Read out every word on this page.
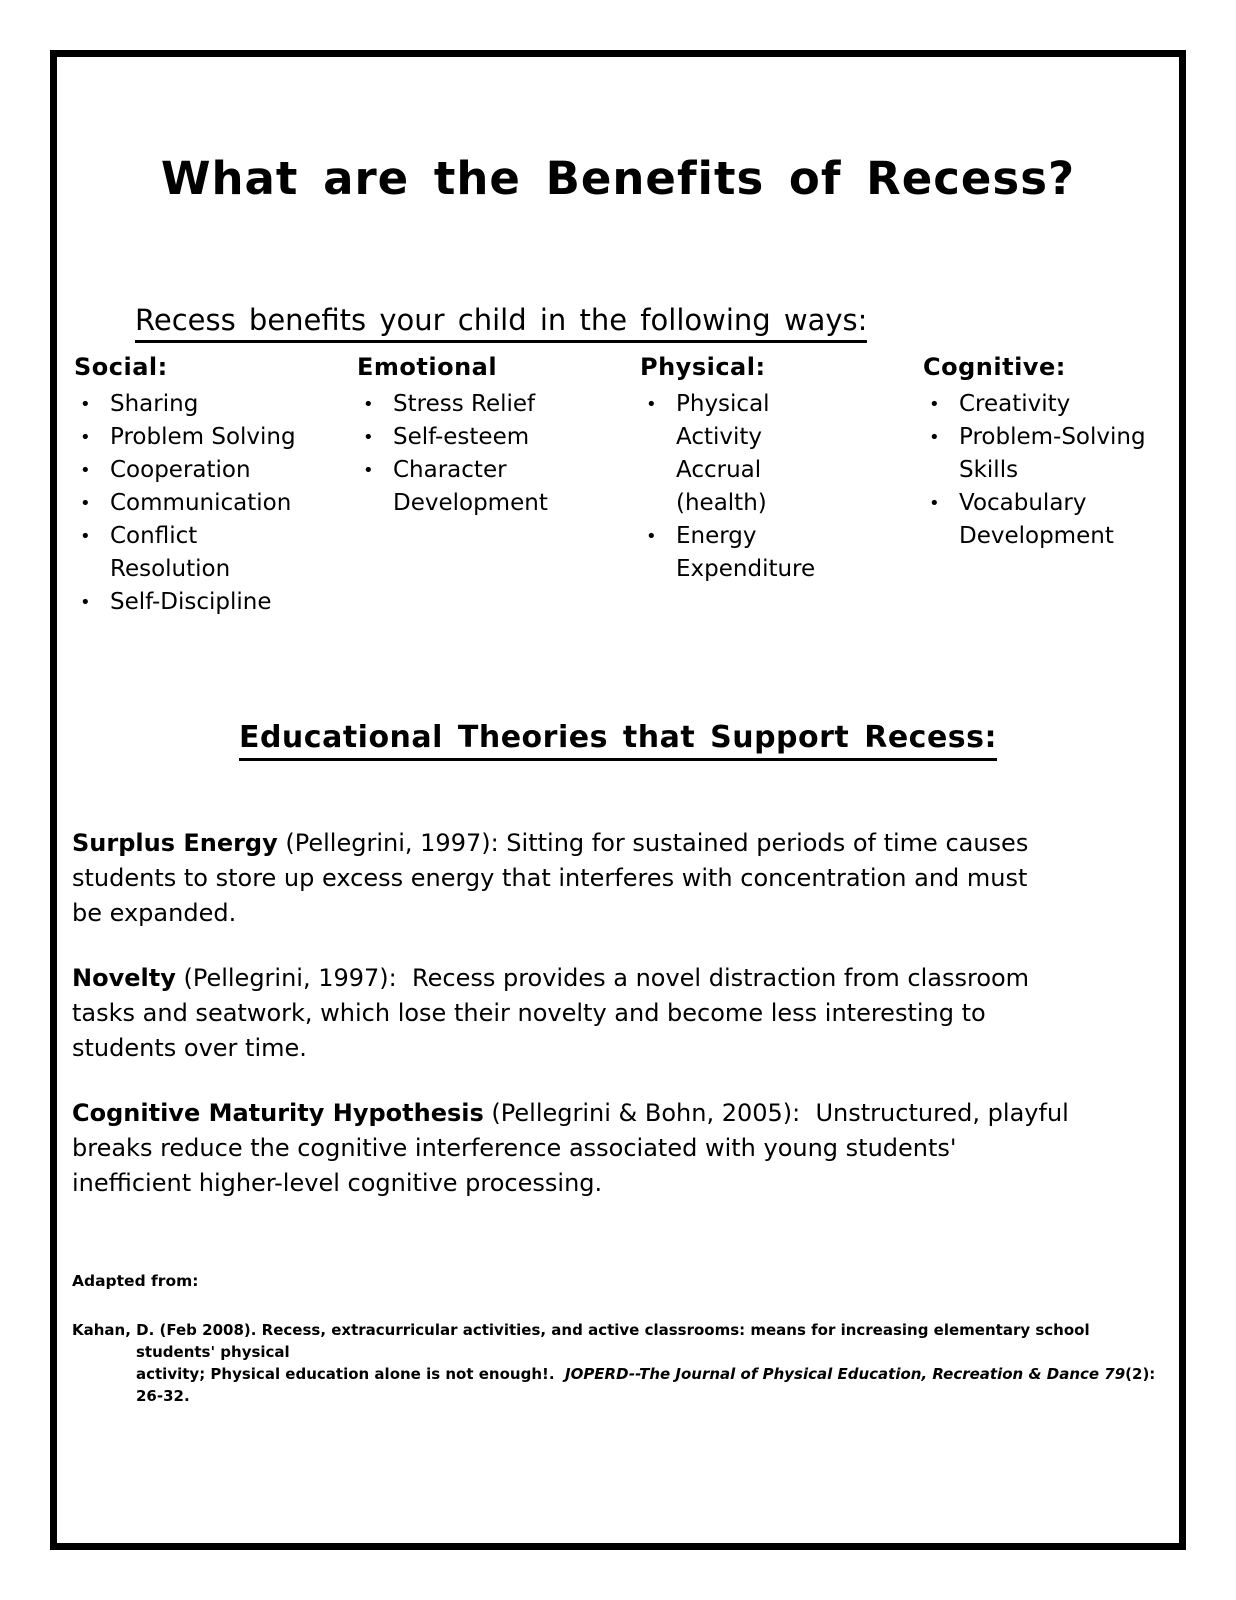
What are the Benefits of Recess?
Recess benefits your child in the following ways:
Social:
• Sharing
• Problem Solving
• Cooperation
• Communication
• Conflict
Resolution
• Self-Discipline
Emotional
• Stress Relief
• Self-esteem
• Character
Development
Physical:
• Physical
Activity
Accrual
(health)
• Energy
Expenditure
Cognitive:
• Creativity
• Problem-Solving
Skills
• Vocabulary
Development
Educational Theories that Support Recess:

Surplus Energy (Pellegrini, 1997): Sitting for sustained periods of time causes
students to store up excess energy that interferes with concentration and must
be expanded.

Novelty (Pellegrini, 1997):  Recess provides a novel distraction from classroom
tasks and seatwork, which lose their novelty and become less interesting to
students over time.

Cognitive Maturity Hypothesis (Pellegrini & Bohn, 2005):  Unstructured, playful
breaks reduce the cognitive interference associated with young students'
inefficient higher-level cognitive processing.

Adapted from:

Kahan, D. (Feb 2008). Recess, extracurricular activities, and active classrooms: means for increasing elementary school students' physical
activity; Physical education alone is not enough!.  JOPERD--The Journal of Physical Education, Recreation & Dance 79(2): 26-32.
